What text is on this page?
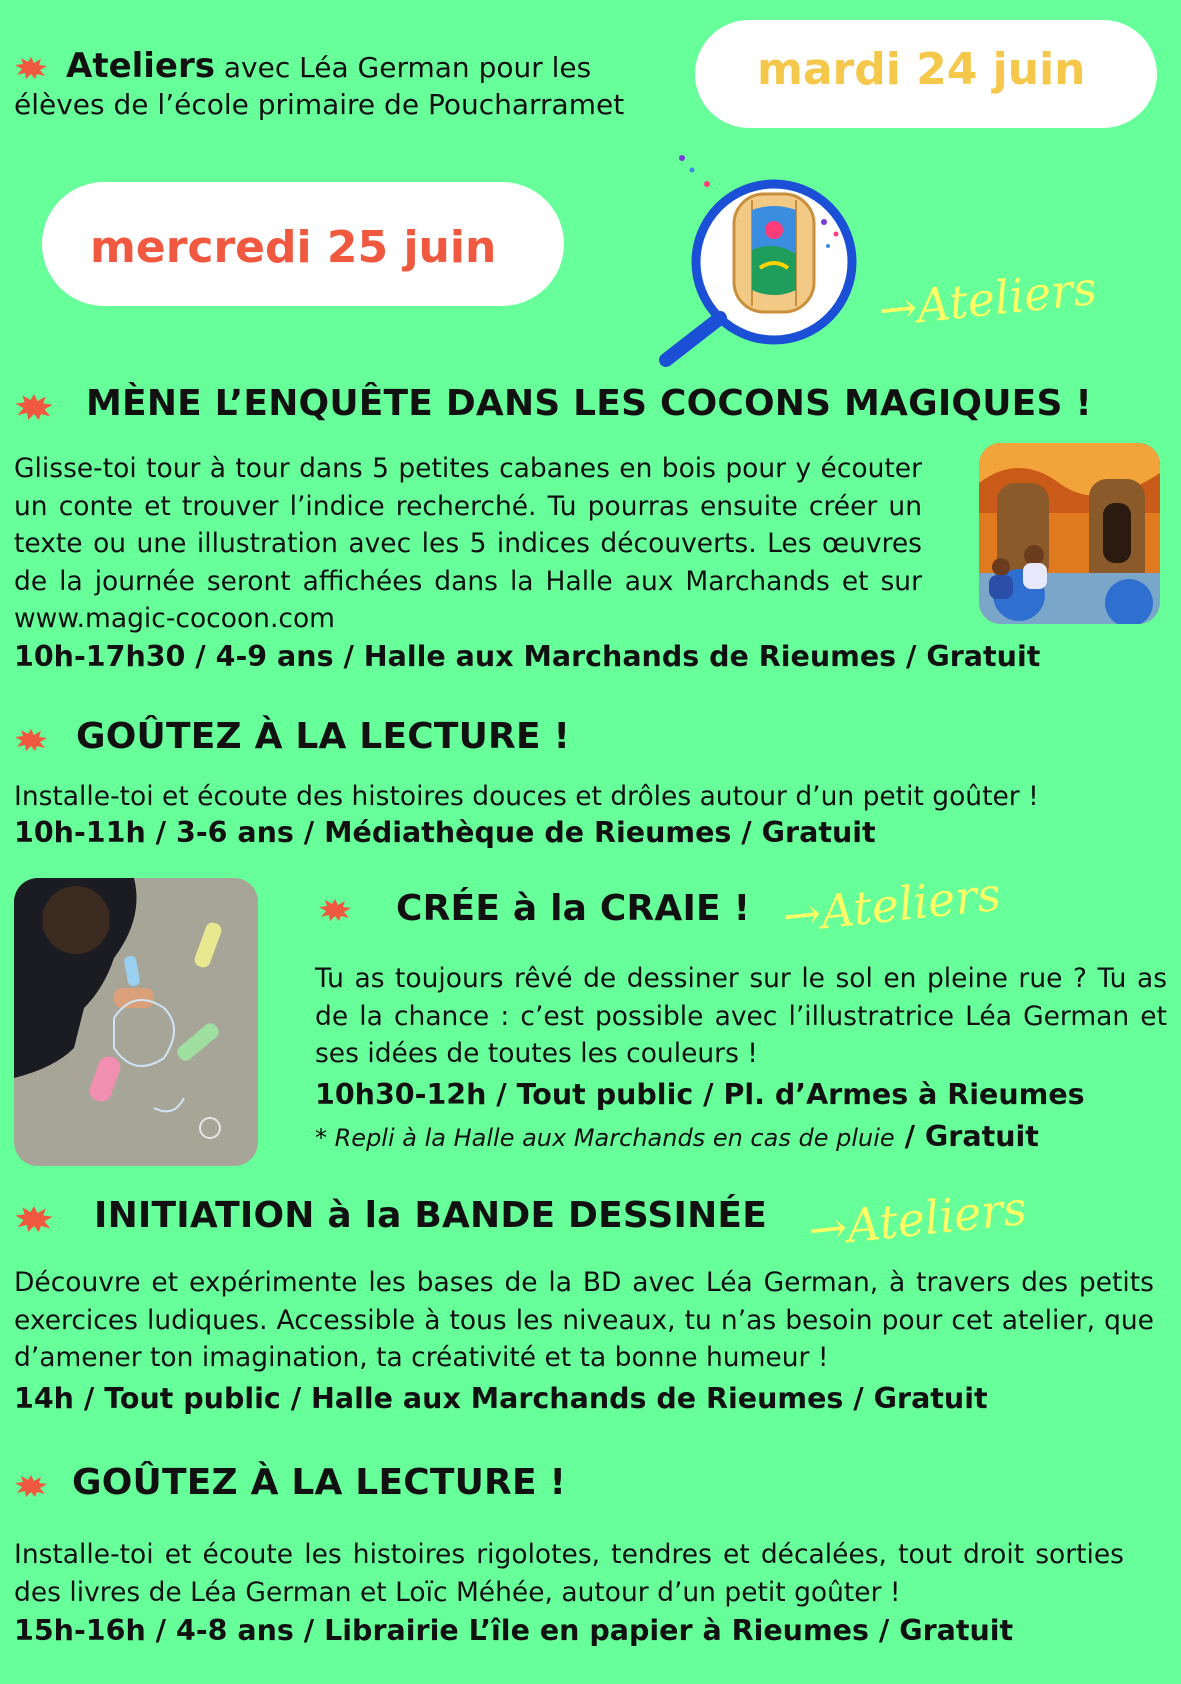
Ateliers avec Léa German pour les
élèves de l’école primaire de Poucharramet
mardi 24 juin
mercredi 25 juin
→Ateliers
MÈNE L’ENQUÊTE DANS LES COCONS MAGIQUES !
Glisse-toi tour à tour dans 5 petites cabanes en bois pour y écouter un conte et trouver l’indice recherché. Tu pourras ensuite créer un texte ou une illustration avec les 5 indices découverts. Les œuvres de la journée seront affichées dans la Halle aux Marchands et sur www.magic-cocoon.com
10h-17h30 / 4-9 ans / Halle aux Marchands de Rieumes / Gratuit
GOÛTEZ À LA LECTURE !
Installe-toi et écoute des histoires douces et drôles autour d’un petit goûter !
10h-11h / 3-6 ans / Médiathèque de Rieumes / Gratuit
CRÉE à la CRAIE ! →Ateliers
Tu as toujours rêvé de dessiner sur le sol en pleine rue ? Tu as de la chance : c’est possible avec l’illustratrice Léa German et ses idées de toutes les couleurs !
10h30-12h / Tout public / Pl. d’Armes à Rieumes
* Repli à la Halle aux Marchands en cas de pluie / Gratuit
INITIATION à la BANDE DESSINÉE →Ateliers
Découvre et expérimente les bases de la BD avec Léa German, à travers des petits exercices ludiques. Accessible à tous les niveaux, tu n’as besoin pour cet atelier, que d’amener ton imagination, ta créativité et ta bonne humeur !
14h / Tout public / Halle aux Marchands de Rieumes / Gratuit
GOÛTEZ À LA LECTURE !
Installe-toi et écoute les histoires rigolotes, tendres et décalées, tout droit sorties des livres de Léa German et Loïc Méhée, autour d’un petit goûter !
15h-16h / 4-8 ans / Librairie L’île en papier à Rieumes / Gratuit
